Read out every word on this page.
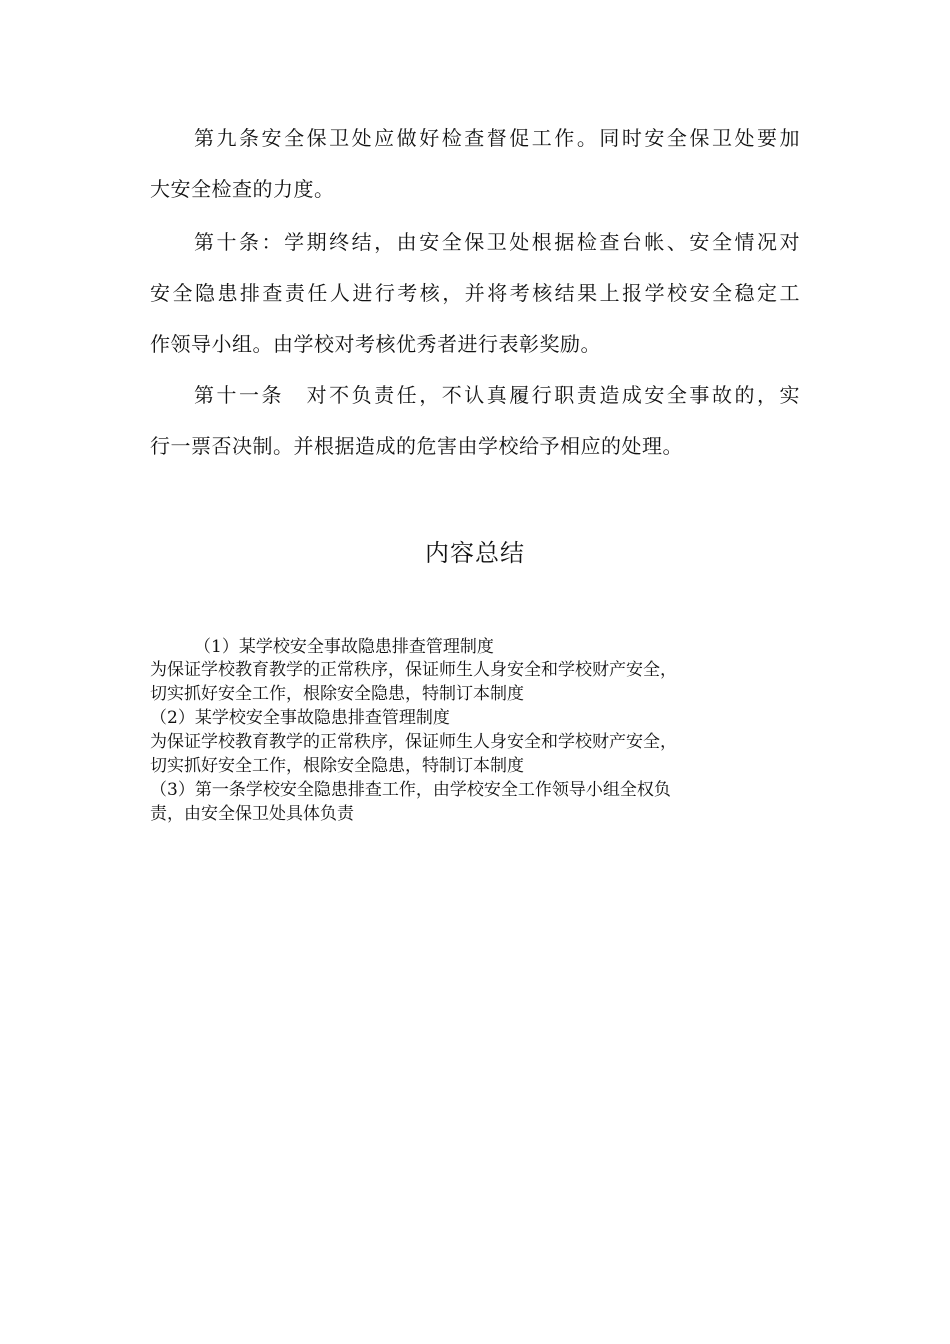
第九条安全保卫处应做好检查督促工作。同时安全保卫处要加
大安全检查的力度。
第十条：学期终结，由安全保卫处根据检查台帐、安全情况对
安全隐患排查责任人进行考核，并将考核结果上报学校安全稳定工
作领导小组。由学校对考核优秀者进行表彰奖励。
第十一条　对不负责任，不认真履行职责造成安全事故的，实
行一票否决制。并根据造成的危害由学校给予相应的处理。
内容总结
（1）某学校安全事故隐患排查管理制度
为保证学校教育教学的正常秩序，保证师生人身安全和学校财产安全，
切实抓好安全工作，根除安全隐患，特制订本制度
（2）某学校安全事故隐患排查管理制度
为保证学校教育教学的正常秩序，保证师生人身安全和学校财产安全，
切实抓好安全工作，根除安全隐患，特制订本制度
（3）第一条学校安全隐患排查工作，由学校安全工作领导小组全权负
责，由安全保卫处具体负责
